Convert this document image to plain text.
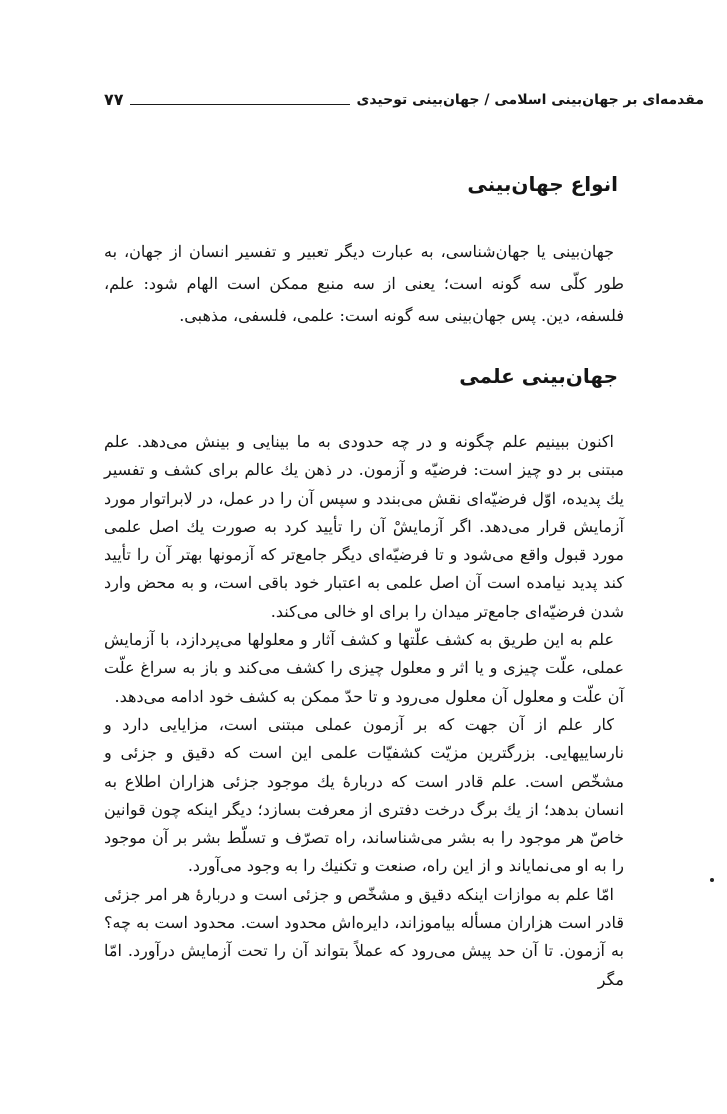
مقدمه‌ای بر جهان‌بینی اسلامی / جهان‌بینی توحیدی
۷۷
انواع جهان‌بینی

جهان‌بینی یا جهان‌شناسی، به عبارت دیگر تعبیر و تفسیر انسان از جهان، به طور کلّی سه گونه است؛ یعنی از سه منبع ممکن است الهام شود: علم، فلسفه، دین. پس جهان‌بینی سه گونه است: علمی، فلسفی، مذهبی.

جهان‌بینی علمی

اکنون ببینیم علم چگونه و در چه حدودی به ما بینایی و بینش می‌دهد. علم مبتنی بر دو چیز است: فرضیّه و آزمون. در ذهن یك عالم برای کشف و تفسیر یك پدیده، اوّل فرضیّه‌ای نقش می‌بندد و سپس آن را در عمل، در لابراتوار مورد آزمایش قرار می‌دهد. اگر آزمایشْ آن را تأیید کرد به صورت یك اصل علمی مورد قبول واقع می‌شود و تا فرضیّه‌ای دیگر جامع‌تر که آزمونها بهتر آن را تأیید کند پدید نیامده است آن اصل علمی به اعتبار خود باقی است، و به محض وارد شدن فرضیّه‌ای جامع‌تر میدان را برای او خالی می‌کند.

علم به این طریق به کشف علّتها و کشف آثار و معلولها می‌پردازد، با آزمایش عملی، علّت چیزی و یا اثر و معلول چیزی را کشف می‌کند و باز به سراغ علّت آن علّت و معلول آن معلول می‌رود و تا حدّ ممکن به کشف خود ادامه می‌دهد.

کار علم از آن جهت که بر آزمون عملی مبتنی است، مزایایی دارد و نارساییهایی. بزرگترین مزیّت کشفیّات علمی این است که دقیق و جزئی و مشخّص است. علم قادر است که دربارهٔ یك موجود جزئی هزاران اطلاع به انسان بدهد؛ از یك برگ درخت دفتری از معرفت بسازد؛ دیگر اینکه چون قوانین خاصّ هر موجود را به بشر می‌شناساند، راه تصرّف و تسلّط بشر بر آن موجود را به او می‌نمایاند و از این راه، صنعت و تکنیك را به وجود می‌آورد.

امّا علم به موازات اینکه دقیق و مشخّص و جزئی است و دربارهٔ هر امر جزئی قادر است هزاران مسأله بیاموزاند، دایره‌اش محدود است. محدود است به چه؟ به آزمون. تا آن حد پیش می‌رود که عملاً بتواند آن را تحت آزمایش درآورد. امّا مگر
